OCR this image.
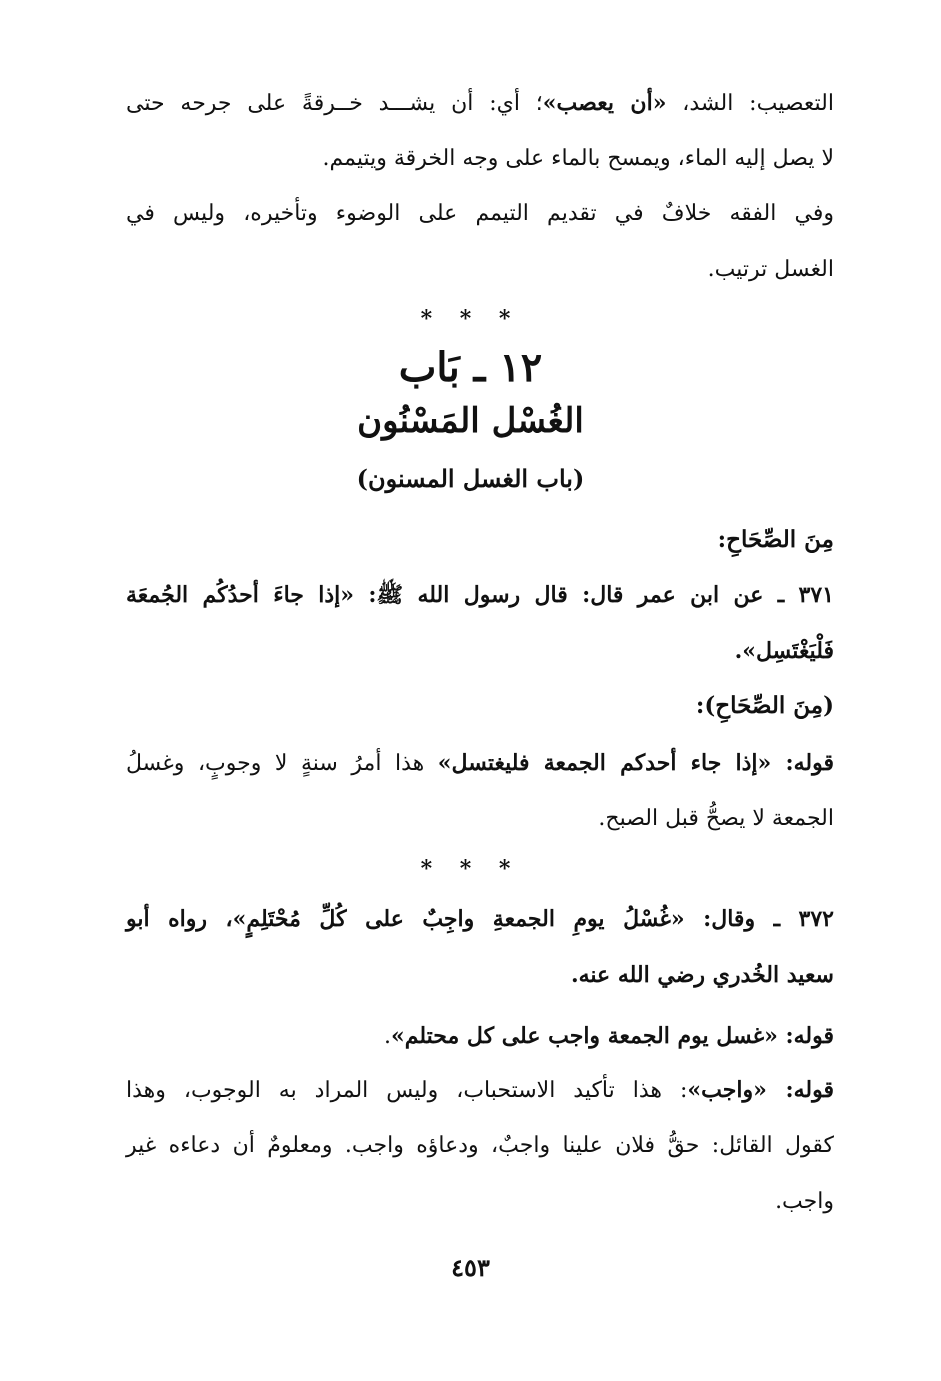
التعصيب: الشد، «أن يعصب»؛ أي: أن يشـــد خــرقةً على جرحه حتى
لا يصل إليه الماء، ويمسح بالماء على وجه الخرقة ويتيمم.
وفي الفقه خلافٌ في تقديم التيمم على الوضوء وتأخيره، وليس في
الغسل ترتيب.
* * *
١٢ ـ بَاب
الغُسْل المَسْنُون
(باب الغسل المسنون)
مِنَ الصِّحَاحِ:
٣٧١ ـ عن ابن عمر قال: قال رسول الله ﷺ: «إذا جاءَ أحدُكُم الجُمعَة
فَلْيَغْتَسِل».
(مِنَ الصِّحَاحِ):
قوله: «إذا جاء أحدكم الجمعة فليغتسل» هذا أمرُ سنةٍ لا وجوبٍ، وغسلُ
الجمعة لا يصحُّ قبل الصبح.
* * *
٣٧٢ ـ وقال: «غُسْلُ يومِ الجمعةِ واجِبٌ على كُلِّ مُحْتَلِمٍ»، رواه أبو
سعيد الخُدري رضي الله عنه.
قوله: «غسل يوم الجمعة واجب على كل محتلم».
قوله: «واجب»: هذا تأكيد الاستحباب، وليس المراد به الوجوب، وهذا
كقول القائل: حقُّ فلان علينا واجبٌ، ودعاؤه واجب. ومعلومٌ أن دعاءه غير
واجب.
٤٥٣
